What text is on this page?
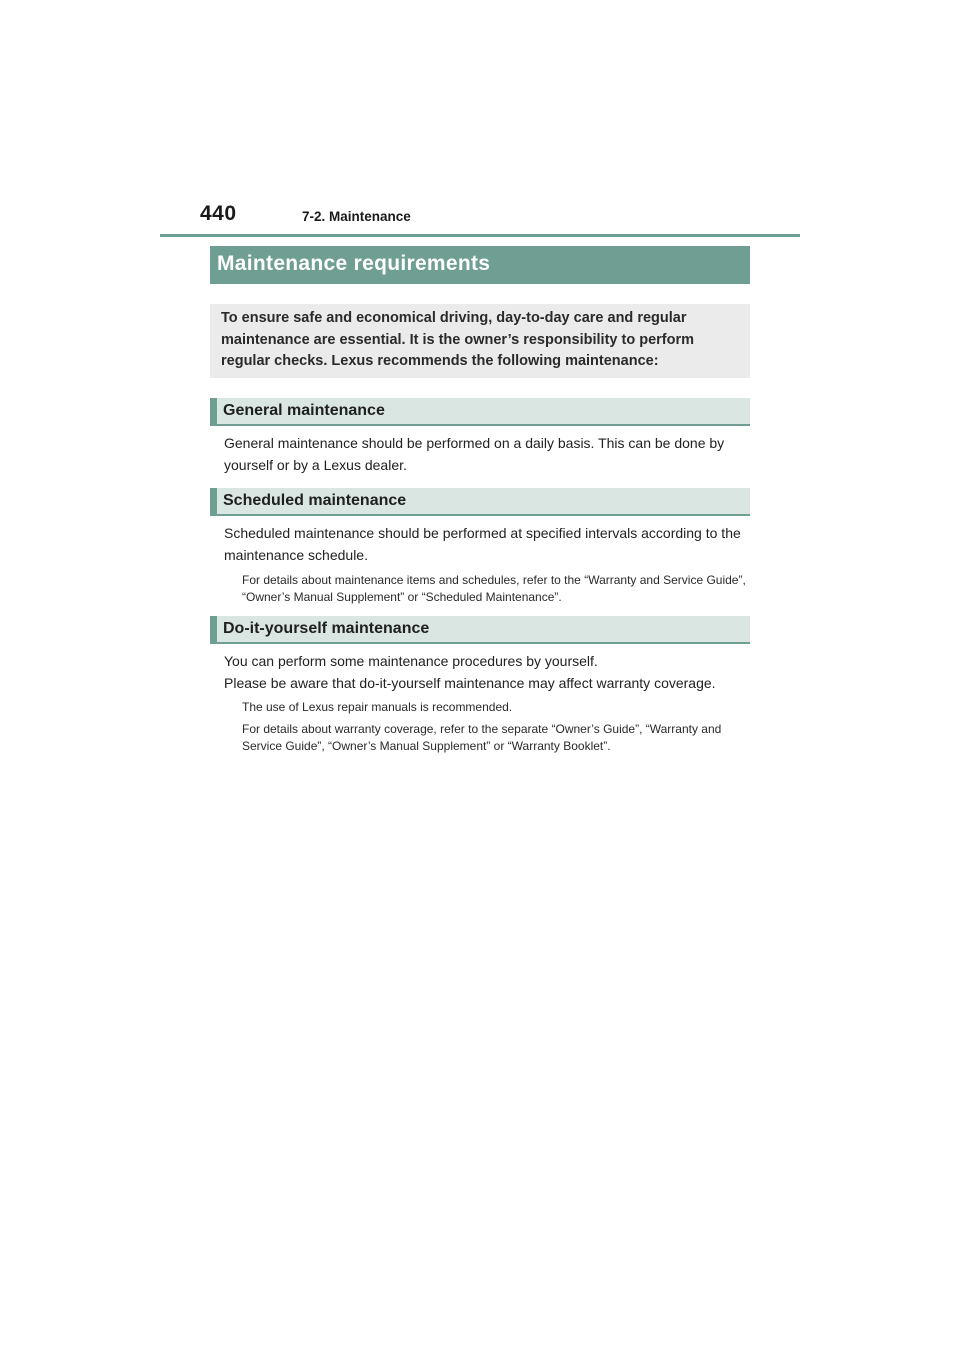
440	7-2. Maintenance
Maintenance requirements
To ensure safe and economical driving, day-to-day care and regular maintenance are essential. It is the owner’s responsibility to perform regular checks. Lexus recommends the following maintenance:
General maintenance
General maintenance should be performed on a daily basis. This can be done by yourself or by a Lexus dealer.
Scheduled maintenance
Scheduled maintenance should be performed at specified intervals according to the maintenance schedule.
For details about maintenance items and schedules, refer to the “Warranty and Service Guide”, “Owner’s Manual Supplement” or “Scheduled Maintenance”.
Do-it-yourself maintenance
You can perform some maintenance procedures by yourself.
Please be aware that do-it-yourself maintenance may affect warranty coverage.
The use of Lexus repair manuals is recommended.
For details about warranty coverage, refer to the separate “Owner’s Guide”, “Warranty and Service Guide”, “Owner’s Manual Supplement” or “Warranty Booklet”.
